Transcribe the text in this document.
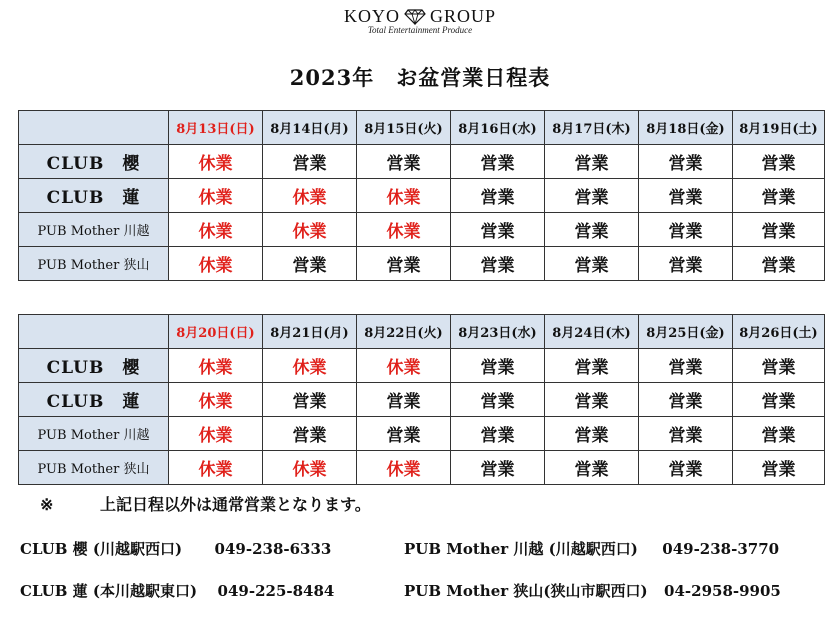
KOYO GROUP
Total Entertainment Produce
2023年　お盆営業日程表
	8月13日(日)	8月14日(月)	8月15日(火)	8月16日(水)	8月17日(木)	8月18日(金)	8月19日(土)
CLUB　櫻	休業	営業	営業	営業	営業	営業	営業
CLUB　蓮	休業	休業	休業	営業	営業	営業	営業
PUB Mother 川越	休業	休業	休業	営業	営業	営業	営業
PUB Mother 狭山	休業	営業	営業	営業	営業	営業	営業
	8月20日(日)	8月21日(月)	8月22日(火)	8月23日(水)	8月24日(木)	8月25日(金)	8月26日(土)
CLUB　櫻	休業	休業	休業	営業	営業	営業	営業
CLUB　蓮	休業	営業	営業	営業	営業	営業	営業
PUB Mother 川越	休業	営業	営業	営業	営業	営業	営業
PUB Mother 狭山	休業	休業	休業	営業	営業	営業	営業
※	上記日程以外は通常営業となります。
CLUB 櫻 (川越駅西口) 049-238-6333	PUB Mother 川越 (川越駅西口) 049-238-3770
CLUB 蓮 (本川越駅東口) 049-225-8484	PUB Mother 狭山(狭山市駅西口) 04-2958-9905
